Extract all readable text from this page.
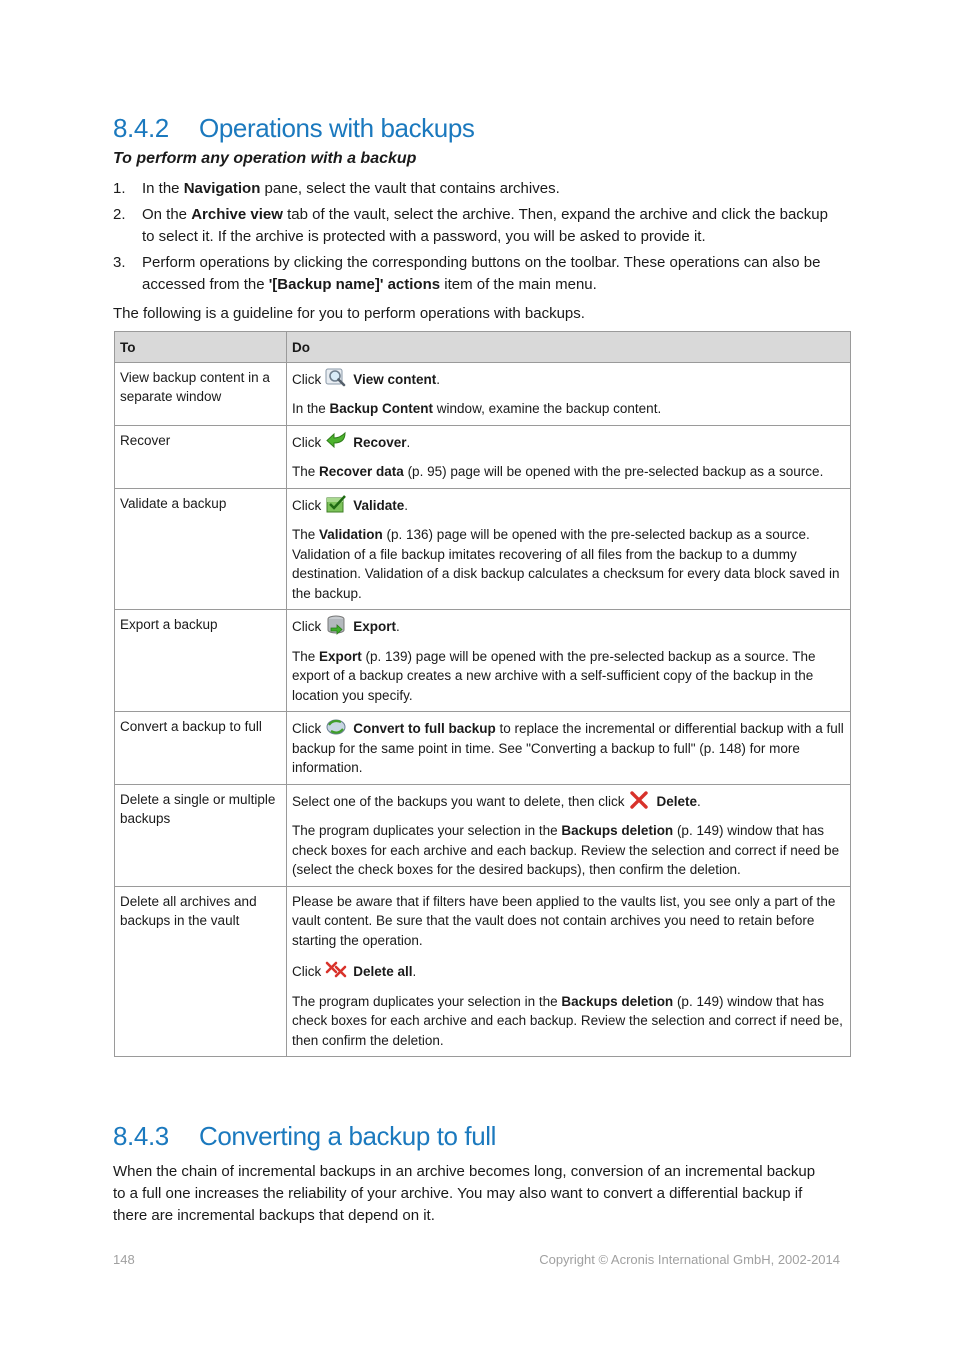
8.4.2 Operations with backups
To perform any operation with a backup
1. In the Navigation pane, select the vault that contains archives.
2. On the Archive view tab of the vault, select the archive. Then, expand the archive and click the backup to select it. If the archive is protected with a password, you will be asked to provide it.
3. Perform operations by clicking the corresponding buttons on the toolbar. These operations can also be accessed from the '[Backup name]' actions item of the main menu.

The following is a guideline for you to perform operations with backups.

To	Do
View backup content in a separate window	Click View content.

In the Backup Content window, examine the backup content.

Recover	Click Recover.

The Recover data (p. 95) page will be opened with the pre-selected backup as a source.

Validate a backup	Click Validate.

The Validation (p. 136) page will be opened with the pre-selected backup as a source. Validation of a file backup imitates recovering of all files from the backup to a dummy destination. Validation of a disk backup calculates a checksum for every data block saved in the backup.

Export a backup	Click Export.

The Export (p. 139) page will be opened with the pre-selected backup as a source. The export of a backup creates a new archive with a self-sufficient copy of the backup in the location you specify.

Convert a backup to full	Click Convert to full backup to replace the incremental or differential backup with a full backup for the same point in time. See "Converting a backup to full" (p. 148) for more information.

Delete a single or multiple backups	Select one of the backups you want to delete, then click Delete.

The program duplicates your selection in the Backups deletion (p. 149) window that has check boxes for each archive and each backup. Review the selection and correct if need be (select the check boxes for the desired backups), then confirm the deletion.

Delete all archives and backups in the vault	Please be aware that if filters have been applied to the vaults list, you see only a part of the vault content. Be sure that the vault does not contain archives you need to retain before starting the operation.

Click Delete all.

The program duplicates your selection in the Backups deletion (p. 149) window that has check boxes for each archive and each backup. Review the selection and correct if need be, then confirm the deletion.

8.4.3 Converting a backup to full

When the chain of incremental backups in an archive becomes long, conversion of an incremental backup to a full one increases the reliability of your archive. You may also want to convert a differential backup if there are incremental backups that depend on it.

148	Copyright © Acronis International GmbH, 2002-2014
